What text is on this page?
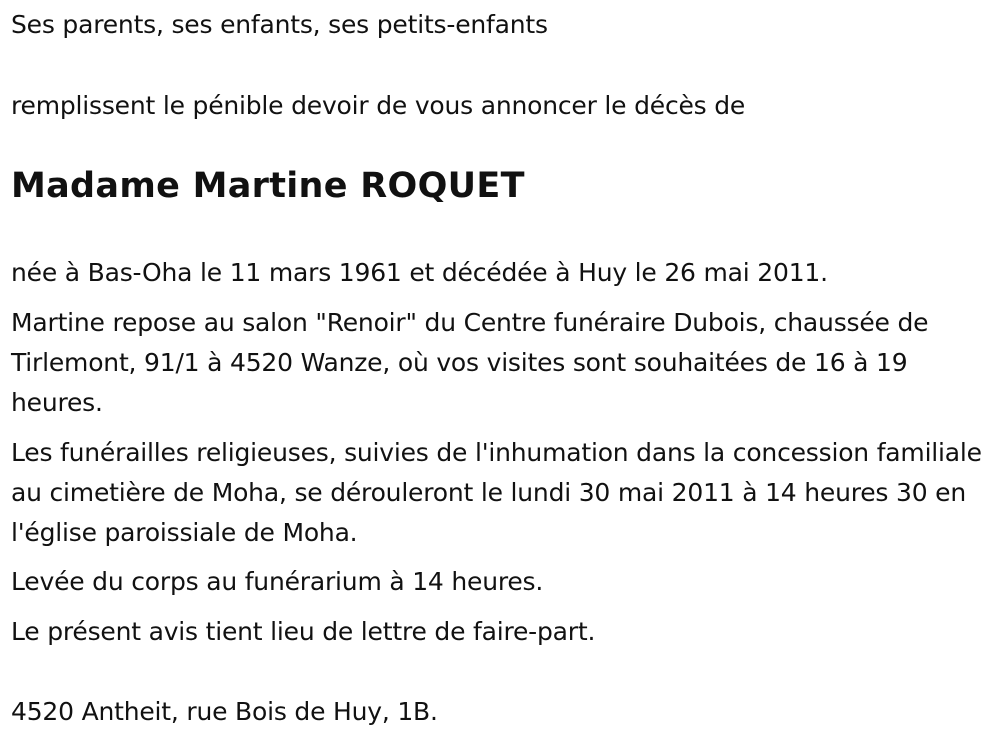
Ses parents, ses enfants, ses petits-enfants

remplissent le pénible devoir de vous annoncer le décès de

Madame Martine ROQUET

née à Bas-Oha le 11 mars 1961 et décédée à Huy le 26 mai 2011.

Martine repose au salon "Renoir" du Centre funéraire Dubois, chaussée de Tirlemont, 91/1 à 4520 Wanze, où vos visites sont souhaitées de 16 à 19 heures.

Les funérailles religieuses, suivies de l'inhumation dans la concession familiale au cimetière de Moha, se dérouleront le lundi 30 mai 2011 à 14 heures 30 en l'église paroissiale de Moha.

Levée du corps au funérarium à 14 heures.

Le présent avis tient lieu de lettre de faire-part.

4520 Antheit, rue Bois de Huy, 1B.
